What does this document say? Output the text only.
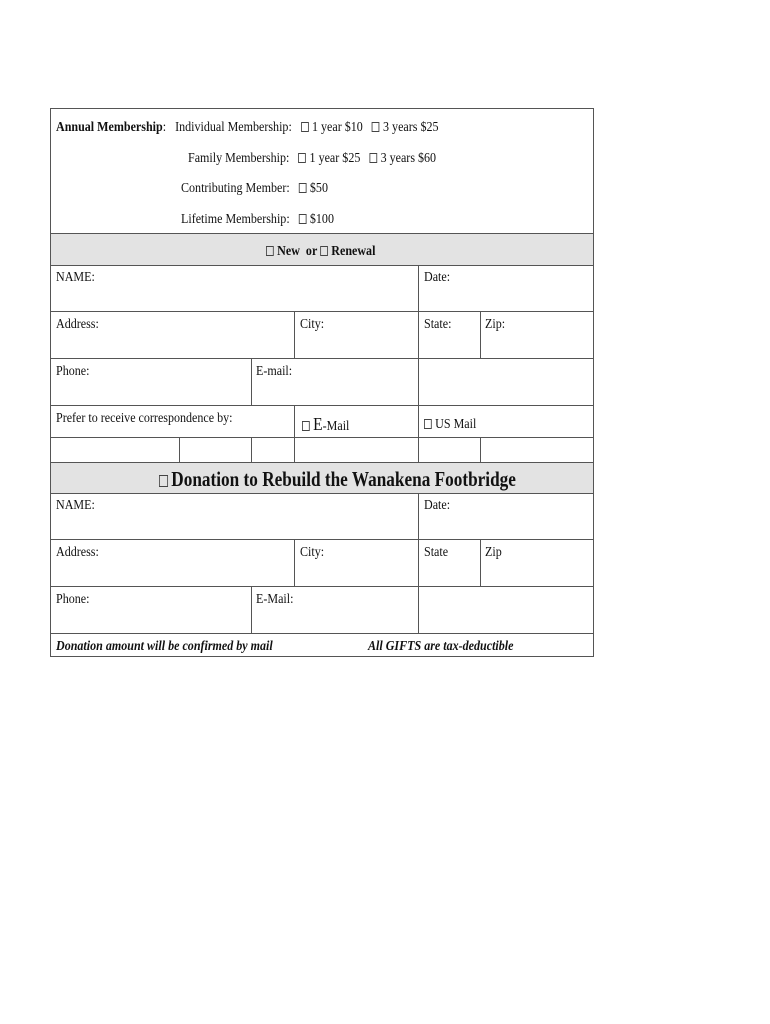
Annual Membership: Individual Membership: 1 year $10 3 years $25
Family Membership: 1 year $25 3 years $60
Contributing Member: $50
Lifetime Membership: $100
New or Renewal
NAME:	Date:
Address:	City:	State: Zip:
Phone:	E-mail:
Prefer to receive correspondence by:	E-Mail	US Mail
Donation to Rebuild the Wanakena Footbridge
NAME:	Date:
Address:	City:	State	Zip
Phone:	E-Mail:
Donation amount will be confirmed by mail	All GIFTS are tax-deductible
